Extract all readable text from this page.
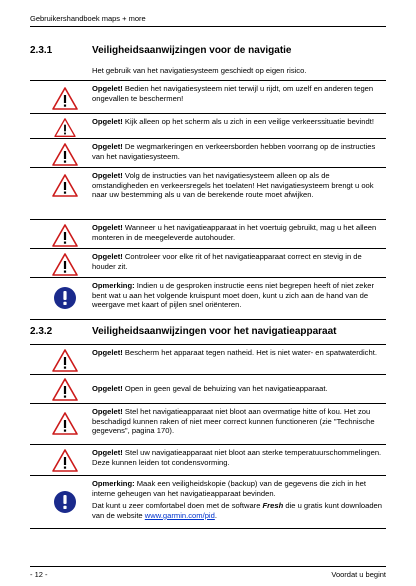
Gebruikershandboek maps + more
2.3.1	Veiligheidsaanwijzingen voor de navigatie
Het gebruik van het navigatiesysteem geschiedt op eigen risico.

Opgelet! Bedien het navigatiesysteem niet terwijl u rijdt, om uzelf en anderen tegen ongevallen te beschermen!

Opgelet! Kijk alleen op het scherm als u zich in een veilige verkeerssituatie bevindt!

Opgelet! De wegmarkeringen en verkeersborden hebben voorrang op de instructies van het navigatiesysteem.

Opgelet! Volg de instructies van het navigatiesysteem alleen op als de omstandigheden en verkeersregels het toelaten! Het navigatiesysteem brengt u ook naar uw bestemming als u van de berekende route moet afwijken.

Opgelet! Wanneer u het navigatieapparaat in het voertuig gebruikt, mag u het alleen monteren in de meegeleverde autohouder.

Opgelet! Controleer voor elke rit of het navigatieapparaat correct en stevig in de houder zit.

Opmerking: Indien u de gesproken instructie eens niet begrepen heeft of niet zeker bent wat u aan het volgende kruispunt moet doen, kunt u zich aan de hand van de weergave met kaart of pijlen snel oriënteren.

2.3.2	Veiligheidsaanwijzingen voor het navigatieapparaat

Opgelet! Bescherm het apparaat tegen natheid. Het is niet water- en spatwaterdicht.

Opgelet! Open in geen geval de behuizing van het navigatieapparaat.

Opgelet! Stel het navigatieapparaat niet bloot aan overmatige hitte of kou. Het zou beschadigd kunnen raken of niet meer correct kunnen functioneren (zie "Technische gegevens", pagina 170).

Opgelet! Stel uw navigatieapparaat niet bloot aan sterke temperatuurschommelingen. Deze kunnen leiden tot condensvorming.

Opmerking: Maak een veiligheidskopie (backup) van de gegevens die zich in het interne geheugen van het navigatieapparaat bevinden.

Dat kunt u zeer comfortabel doen met de software Fresh die u gratis kunt downloaden van de website www.garmin.com/pid.

- 12 -	Voordat u begint
